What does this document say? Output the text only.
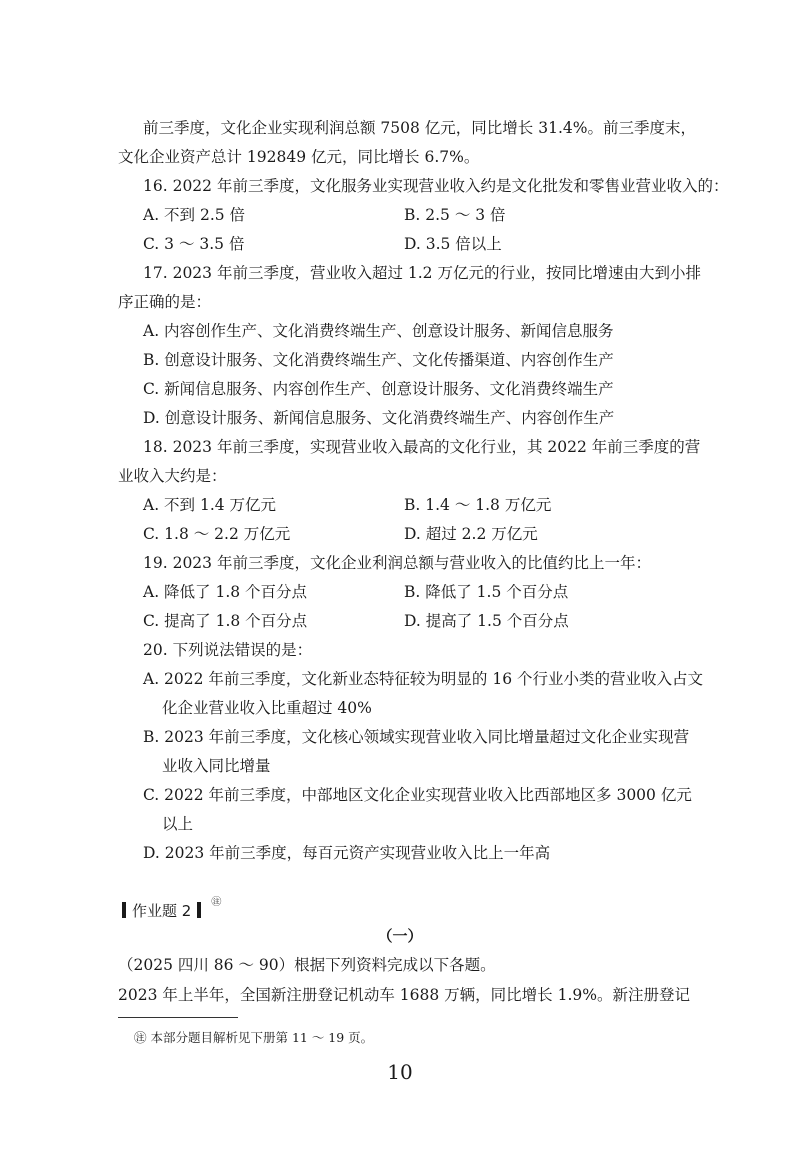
前三季度，文化企业实现利润总额 7508 亿元，同比增长 31.4%。前三季度末，
文化企业资产总计 192849 亿元，同比增长 6.7%。
16. 2022 年前三季度，文化服务业实现营业收入约是文化批发和零售业营业收入的：
A. 不到 2.5 倍	B. 2.5 ～ 3 倍
C. 3 ～ 3.5 倍	D. 3.5 倍以上
17. 2023 年前三季度，营业收入超过 1.2 万亿元的行业，按同比增速由大到小排
序正确的是：
A. 内容创作生产、文化消费终端生产、创意设计服务、新闻信息服务
B. 创意设计服务、文化消费终端生产、文化传播渠道、内容创作生产
C. 新闻信息服务、内容创作生产、创意设计服务、文化消费终端生产
D. 创意设计服务、新闻信息服务、文化消费终端生产、内容创作生产
18. 2023 年前三季度，实现营业收入最高的文化行业，其 2022 年前三季度的营
业收入大约是：
A. 不到 1.4 万亿元	B. 1.4 ～ 1.8 万亿元
C. 1.8 ～ 2.2 万亿元	D. 超过 2.2 万亿元
19. 2023 年前三季度，文化企业利润总额与营业收入的比值约比上一年：
A. 降低了 1.8 个百分点	B. 降低了 1.5 个百分点
C. 提高了 1.8 个百分点	D. 提高了 1.5 个百分点
20. 下列说法错误的是：
A. 2022 年前三季度，文化新业态特征较为明显的 16 个行业小类的营业收入占文
化企业营业收入比重超过 40%
B. 2023 年前三季度，文化核心领域实现营业收入同比增量超过文化企业实现营
业收入同比增量
C. 2022 年前三季度，中部地区文化企业实现营业收入比西部地区多 3000 亿元
以上
D. 2023 年前三季度，每百元资产实现营业收入比上一年高
作业题 2 ㊟
（一）
（2025 四川 86 ～ 90）根据下列资料完成以下各题。
2023 年上半年，全国新注册登记机动车 1688 万辆，同比增长 1.9%。新注册登记
㊟ 本部分题目解析见下册第 11 ～ 19 页。
10
